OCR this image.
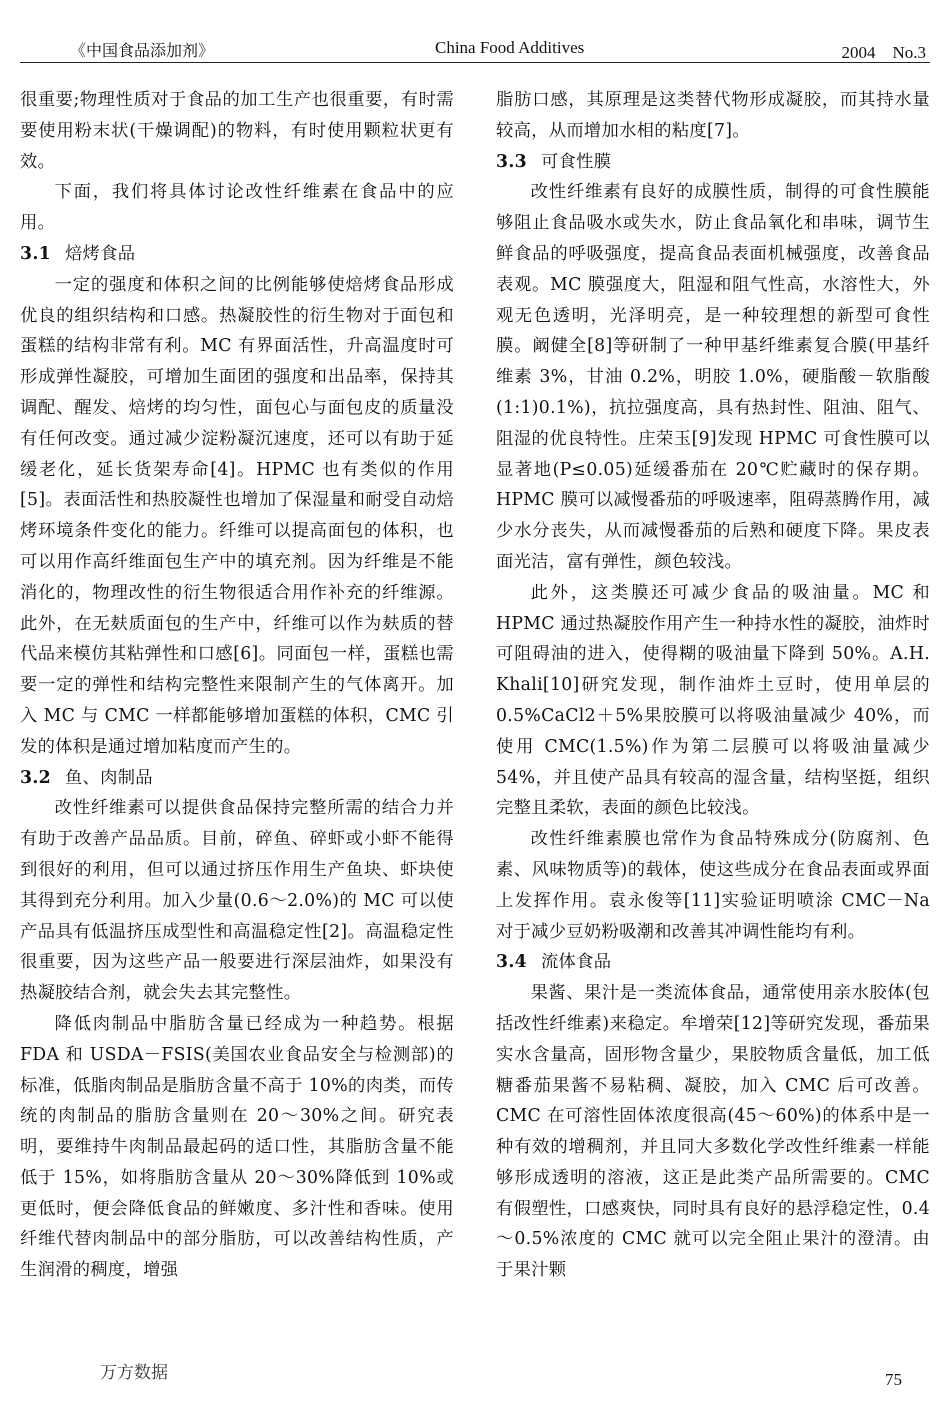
《中国食品添加剂》	China Food Additives	2004　No.3

很重要;物理性质对于食品的加工生产也很重要，有时需要使用粉末状(干燥调配)的物料，有时使用颗粒状更有效。

下面，我们将具体讨论改性纤维素在食品中的应用。

3.1 焙烤食品

一定的强度和体积之间的比例能够使焙烤食品形成优良的组织结构和口感。热凝胶性的衍生物对于面包和蛋糕的结构非常有利。MC 有界面活性，升高温度时可形成弹性凝胶，可增加生面团的强度和出品率，保持其调配、醒发、焙烤的均匀性，面包心与面包皮的质量没有任何改变。通过减少淀粉凝沉速度，还可以有助于延缓老化，延长货架寿命[4]。HPMC 也有类似的作用[5]。表面活性和热胶凝性也增加了保湿量和耐受自动焙烤环境条件变化的能力。纤维可以提高面包的体积，也可以用作高纤维面包生产中的填充剂。因为纤维是不能消化的，物理改性的衍生物很适合用作补充的纤维源。此外，在无麸质面包的生产中，纤维可以作为麸质的替代品来模仿其粘弹性和口感[6]。同面包一样，蛋糕也需要一定的弹性和结构完整性来限制产生的气体离开。加入 MC 与 CMC 一样都能够增加蛋糕的体积，CMC 引发的体积是通过增加粘度而产生的。

3.2 鱼、肉制品

改性纤维素可以提供食品保持完整所需的结合力并有助于改善产品品质。目前，碎鱼、碎虾或小虾不能得到很好的利用，但可以通过挤压作用生产鱼块、虾块使其得到充分利用。加入少量(0.6～2.0%)的 MC 可以使产品具有低温挤压成型性和高温稳定性[2]。高温稳定性很重要，因为这些产品一般要进行深层油炸，如果没有热凝胶结合剂，就会失去其完整性。

降低肉制品中脂肪含量已经成为一种趋势。根据 FDA 和 USDA－FSIS(美国农业食品安全与检测部)的标准，低脂肉制品是脂肪含量不高于 10%的肉类，而传统的肉制品的脂肪含量则在 20～30%之间。研究表明，要维持牛肉制品最起码的适口性，其脂肪含量不能低于 15%，如将脂肪含量从 20～30%降低到 10%或更低时，便会降低食品的鲜嫩度、多汁性和香味。使用纤维代替肉制品中的部分脂肪，可以改善结构性质，产生润滑的稠度，增强

脂肪口感，其原理是这类替代物形成凝胶，而其持水量较高，从而增加水相的粘度[7]。

3.3 可食性膜

改性纤维素有良好的成膜性质，制得的可食性膜能够阻止食品吸水或失水，防止食品氧化和串味，调节生鲜食品的呼吸强度，提高食品表面机械强度，改善食品表观。MC 膜强度大，阻湿和阻气性高，水溶性大，外观无色透明，光泽明亮，是一种较理想的新型可食性膜。阚健全[8]等研制了一种甲基纤维素复合膜(甲基纤维素 3%，甘油 0.2%，明胶 1.0%，硬脂酸－软脂酸(1:1)0.1%)，抗拉强度高，具有热封性、阻油、阻气、阻湿的优良特性。庄荣玉[9]发现 HPMC 可食性膜可以显著地(P≤0.05)延缓番茄在 20℃贮藏时的保存期。HPMC 膜可以减慢番茄的呼吸速率，阻碍蒸腾作用，减少水分丧失，从而减慢番茄的后熟和硬度下降。果皮表面光洁，富有弹性，颜色较浅。

此外，这类膜还可减少食品的吸油量。MC 和 HPMC 通过热凝胶作用产生一种持水性的凝胶，油炸时可阻碍油的进入，使得糊的吸油量下降到 50%。A.H. Khali[10]研究发现，制作油炸土豆时，使用单层的 0.5%CaCl2＋5%果胶膜可以将吸油量减少 40%，而使用 CMC(1.5%)作为第二层膜可以将吸油量减少 54%，并且使产品具有较高的湿含量，结构坚挺，组织完整且柔软，表面的颜色比较浅。

改性纤维素膜也常作为食品特殊成分(防腐剂、色素、风味物质等)的载体，使这些成分在食品表面或界面上发挥作用。袁永俊等[11]实验证明喷涂 CMC－Na 对于减少豆奶粉吸潮和改善其冲调性能均有利。

3.4 流体食品

果酱、果汁是一类流体食品，通常使用亲水胶体(包括改性纤维素)来稳定。牟增荣[12]等研究发现，番茄果实水含量高，固形物含量少，果胶物质含量低，加工低糖番茄果酱不易粘稠、凝胶，加入 CMC 后可改善。CMC 在可溶性固体浓度很高(45～60%)的体系中是一种有效的增稠剂，并且同大多数化学改性纤维素一样能够形成透明的溶液，这正是此类产品所需要的。CMC 有假塑性，口感爽快，同时具有良好的悬浮稳定性，0.4～0.5%浓度的 CMC 就可以完全阻止果汁的澄清。由于果汁颗

万方数据	75
